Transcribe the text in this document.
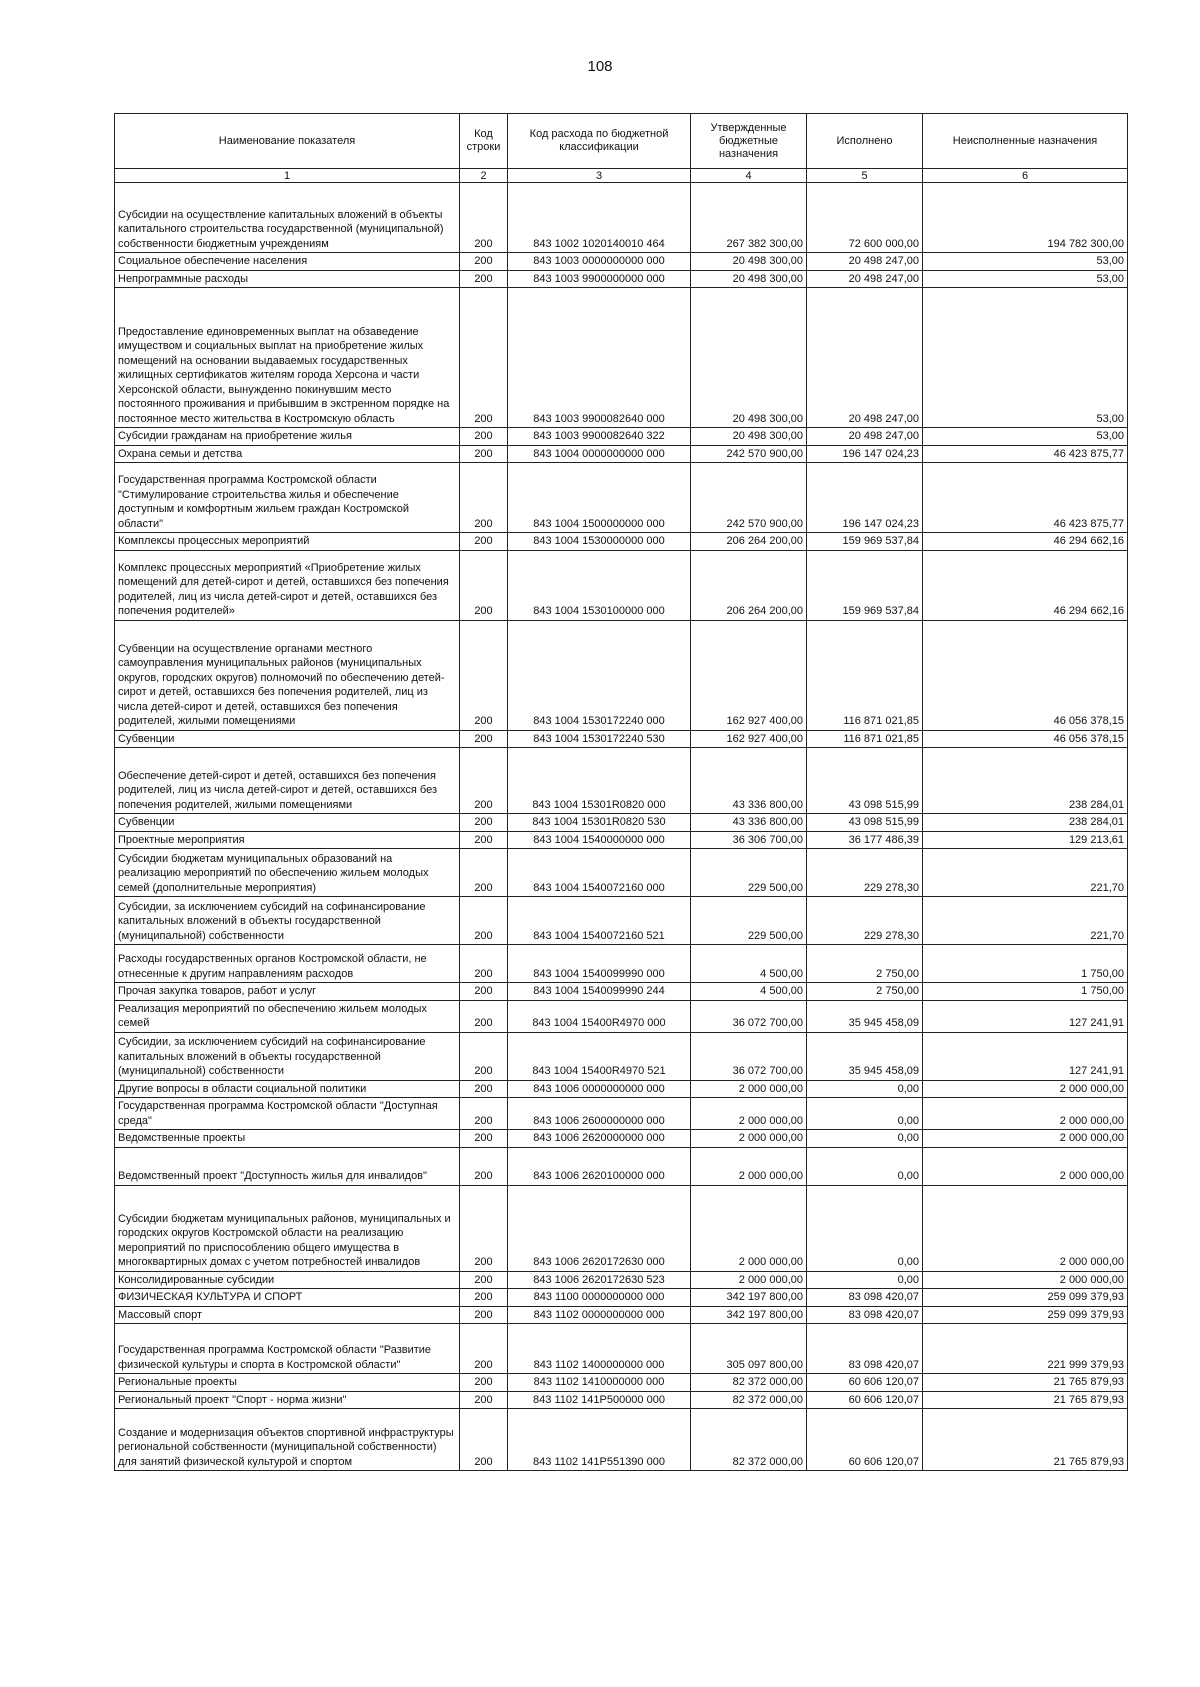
108
Наименование показателя	Код строки	Код расхода по бюджетной классификации	Утвержденные бюджетные назначения	Исполнено	Неисполненные назначения
1	2	3	4	5	6
Субсидии на осуществление капитальных вложений в объекты капитального строительства государственной (муниципальной) собственности бюджетным учреждениям	200	843 1002 1020140010 464	267 382 300,00	72 600 000,00	194 782 300,00
Социальное обеспечение населения	200	843 1003 0000000000 000	20 498 300,00	20 498 247,00	53,00
Непрограммные расходы	200	843 1003 9900000000 000	20 498 300,00	20 498 247,00	53,00
Предоставление единовременных выплат на обзаведение имуществом и социальных выплат на приобретение жилых помещений на основании выдаваемых государственных жилищных сертификатов жителям города Херсона и части Херсонской области, вынужденно покинувшим место постоянного проживания и прибывшим в экстренном порядке на постоянное место жительства в Костромскую область	200	843 1003 9900082640 000	20 498 300,00	20 498 247,00	53,00
Субсидии гражданам на приобретение жилья	200	843 1003 9900082640 322	20 498 300,00	20 498 247,00	53,00
Охрана семьи и детства	200	843 1004 0000000000 000	242 570 900,00	196 147 024,23	46 423 875,77
Государственная программа Костромской области "Стимулирование строительства жилья и обеспечение доступным и комфортным жильем граждан Костромской области"	200	843 1004 1500000000 000	242 570 900,00	196 147 024,23	46 423 875,77
Комплексы процессных мероприятий	200	843 1004 1530000000 000	206 264 200,00	159 969 537,84	46 294 662,16
Комплекс процессных мероприятий «Приобретение жилых помещений для детей-сирот и детей, оставшихся без попечения родителей, лиц из числа детей-сирот и детей, оставшихся без попечения родителей»	200	843 1004 1530100000 000	206 264 200,00	159 969 537,84	46 294 662,16
Субвенции на осуществление органами местного самоуправления муниципальных районов (муниципальных округов, городских округов) полномочий по обеспечению детей-сирот и детей, оставшихся без попечения родителей, лиц из числа детей-сирот и детей, оставшихся без попечения родителей, жилыми помещениями	200	843 1004 1530172240 000	162 927 400,00	116 871 021,85	46 056 378,15
Субвенции	200	843 1004 1530172240 530	162 927 400,00	116 871 021,85	46 056 378,15
Обеспечение детей-сирот и детей, оставшихся без попечения родителей, лиц из числа детей-сирот и детей, оставшихся без попечения родителей, жилыми помещениями	200	843 1004 15301R0820 000	43 336 800,00	43 098 515,99	238 284,01
Субвенции	200	843 1004 15301R0820 530	43 336 800,00	43 098 515,99	238 284,01
Проектные мероприятия	200	843 1004 1540000000 000	36 306 700,00	36 177 486,39	129 213,61
Субсидии бюджетам муниципальных образований на реализацию мероприятий по обеспечению жильем молодых семей (дополнительные мероприятия)	200	843 1004 1540072160 000	229 500,00	229 278,30	221,70
Субсидии, за исключением субсидий на софинансирование капитальных вложений в объекты государственной (муниципальной) собственности	200	843 1004 1540072160 521	229 500,00	229 278,30	221,70
Расходы государственных органов Костромской области, не отнесенные к другим направлениям расходов	200	843 1004 1540099990 000	4 500,00	2 750,00	1 750,00
Прочая закупка товаров, работ и услуг	200	843 1004 1540099990 244	4 500,00	2 750,00	1 750,00
Реализация мероприятий по обеспечению жильем молодых семей	200	843 1004 15400R4970 000	36 072 700,00	35 945 458,09	127 241,91
Субсидии, за исключением субсидий на софинансирование капитальных вложений в объекты государственной (муниципальной) собственности	200	843 1004 15400R4970 521	36 072 700,00	35 945 458,09	127 241,91
Другие вопросы в области социальной политики	200	843 1006 0000000000 000	2 000 000,00	0,00	2 000 000,00
Государственная программа Костромской области "Доступная среда"	200	843 1006 2600000000 000	2 000 000,00	0,00	2 000 000,00
Ведомственные проекты	200	843 1006 2620000000 000	2 000 000,00	0,00	2 000 000,00
Ведомственный проект "Доступность жилья для инвалидов"	200	843 1006 2620100000 000	2 000 000,00	0,00	2 000 000,00
Субсидии бюджетам муниципальных районов, муниципальных и городских округов Костромской области на реализацию мероприятий по приспособлению общего имущества в многоквартирных домах с учетом потребностей инвалидов	200	843 1006 2620172630 000	2 000 000,00	0,00	2 000 000,00
Консолидированные субсидии	200	843 1006 2620172630 523	2 000 000,00	0,00	2 000 000,00
ФИЗИЧЕСКАЯ КУЛЬТУРА И СПОРТ	200	843 1100 0000000000 000	342 197 800,00	83 098 420,07	259 099 379,93
Массовый спорт	200	843 1102 0000000000 000	342 197 800,00	83 098 420,07	259 099 379,93
Государственная программа Костромской области "Развитие физической культуры и спорта в Костромской области"	200	843 1102 1400000000 000	305 097 800,00	83 098 420,07	221 999 379,93
Региональные проекты	200	843 1102 1410000000 000	82 372 000,00	60 606 120,07	21 765 879,93
Региональный проект "Спорт - норма жизни"	200	843 1102 141P500000 000	82 372 000,00	60 606 120,07	21 765 879,93
Создание и модернизация объектов спортивной инфраструктуры региональной собственности (муниципальной собственности) для занятий физической культурой и спортом	200	843 1102 141P551390 000	82 372 000,00	60 606 120,07	21 765 879,93
